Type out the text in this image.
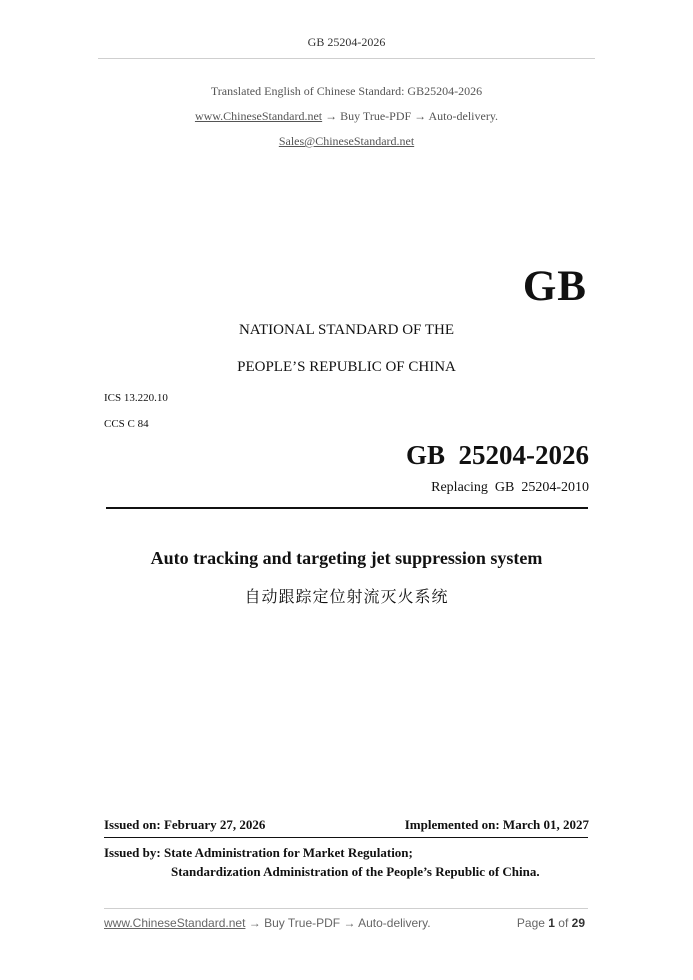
GB 25204-2026
Translated English of Chinese Standard: GB25204-2026
www.ChineseStandard.net → Buy True-PDF → Auto-delivery.
Sales@ChineseStandard.net
GB
NATIONAL STANDARD OF THE
PEOPLE’S REPUBLIC OF CHINA
ICS 13.220.10
CCS C 84
GB  25204-2026
Replacing  GB  25204-2010
Auto tracking and targeting jet suppression system
自动跟踪定位射流灭火系统
Issued on: February 27, 2026	Implemented on: March 01, 2027
Issued by: State Administration for Market Regulation;
Standardization Administration of the People’s Republic of China.
www.ChineseStandard.net → Buy True-PDF → Auto-delivery.	Page 1 of 29
